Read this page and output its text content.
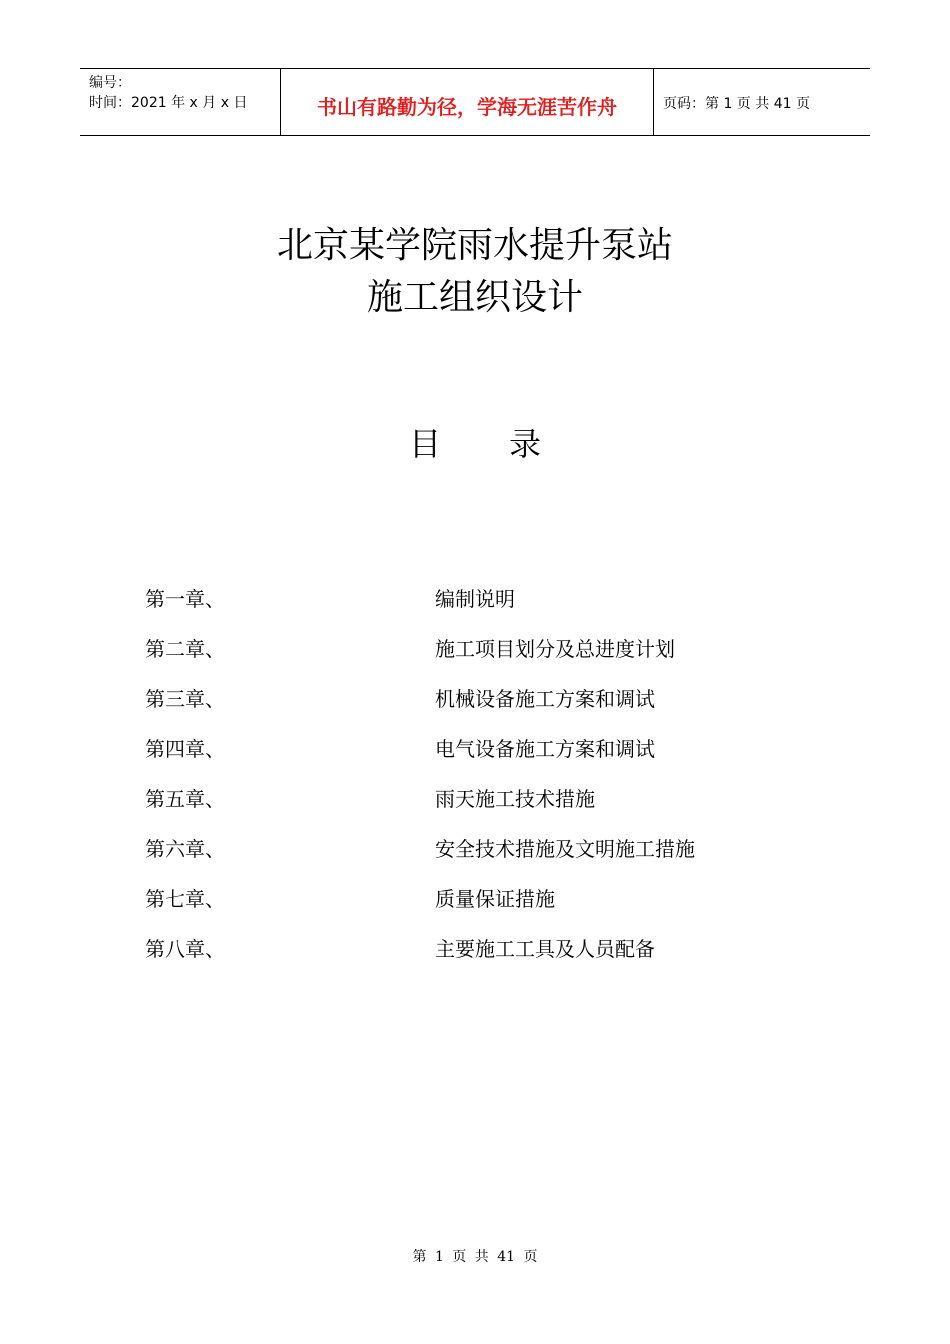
编号：
时间：2021 年 x 月 x 日	书山有路勤为径，学海无涯苦作舟	页码：第 1 页 共 41 页
北京某学院雨水提升泵站
施工组织设计
目录
第一章、	编制说明
第二章、	施工项目划分及总进度计划
第三章、	机械设备施工方案和调试
第四章、	电气设备施工方案和调试
第五章、	雨天施工技术措施
第六章、	安全技术措施及文明施工措施
第七章、	质量保证措施
第八章、	主要施工工具及人员配备
第 1 页 共 41 页
